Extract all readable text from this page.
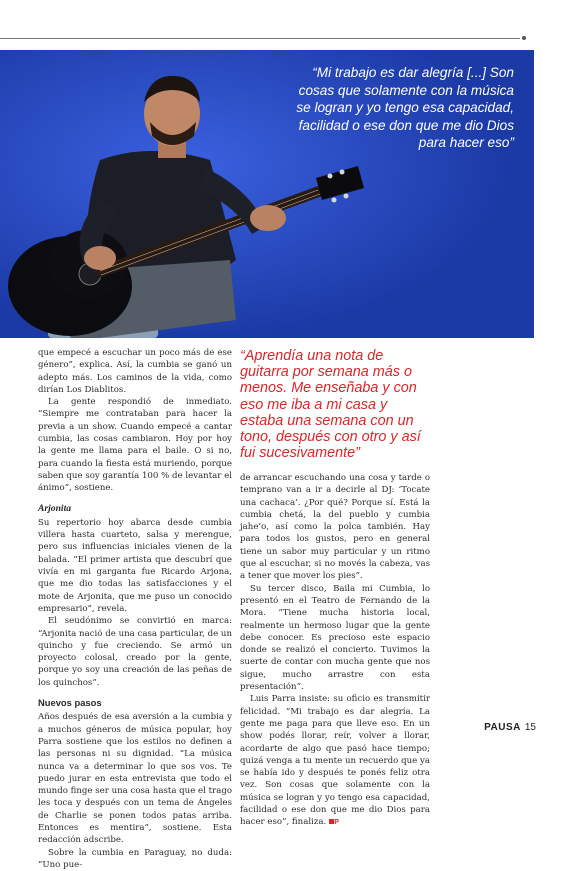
“Mi trabajo es dar alegría [...] Son cosas que solamente con la música se logran y yo tengo esa capacidad, facilidad o ese don que me dio Dios para hacer eso”

que empecé a escuchar un poco más de ese género”, explica. Así, la cumbia se ganó un adepto más. Los caminos de la vida, como dirían Los Diablitos.

La gente respondió de inmediato. “Siempre me contrataban para hacer la previa a un show. Cuando empecé a cantar cumbia, las cosas cambiaron. Hoy por hoy la gente me llama para el baile. O si no, para cuando la fiesta está muriendo, porque saben que soy garantía 100 % de levantar el ánimo”, sostiene.

Arjonita

Su repertorio hoy abarca desde cumbia villera hasta cuarteto, salsa y merengue, pero sus influencias iniciales vienen de la balada. “El primer artista que descubrí que vivía en mi garganta fue Ricardo Arjona, que me dio todas las satisfacciones y el mote de Arjonita, que me puso un conocido empresario”, revela.

El seudónimo se convirtió en marca: “Arjonita nació de una casa particular, de un quincho y fue creciendo. Se armó un proyecto colosal, creado por la gente, porque yo soy una creación de las peñas de los quinchos”.

Nuevos pasos

Años después de esa aversión a la cumbia y a muchos géneros de música popular, hoy Parra sostiene que los estilos no definen a las personas ni su dignidad. “La música nunca va a determinar lo que sos vos. Te puedo jurar en esta entrevista que todo el mundo finge ser una cosa hasta que el trago les toca y después con un tema de Ángeles de Charlie se ponen todos patas arriba. Entonces es mentira”, sostiene. Esta redacción adscribe.

Sobre la cumbia en Paraguay, no duda: “Uno pue-

“Aprendía una nota de guitarra por semana más o menos. Me enseñaba y con eso me iba a mi casa y estaba una semana con un tono, después con otro y así fui sucesivamente”

de arrancar escuchando una cosa y tarde o temprano van a ir a decirle al DJ: ‘Tocate una cachaca’. ¿Por qué? Porque sí. Está la cumbia chetá, la del pueblo y cumbia jahe’o, así como la polca también. Hay para todos los gustos, pero en general tiene un sabor muy particular y un ritmo que al escuchar, si no movés la cabeza, vas a tener que mover los pies”.

Su tercer disco, Baila mi Cumbia, lo presentó en el Teatro de Fernando de la Mora. “Tiene mucha historia local, realmente un hermoso lugar que la gente debe conocer. Es precioso este espacio donde se realizó el concierto. Tuvimos la suerte de contar con mucha gente que nos sigue, mucho arrastre con esta presentación”.

Luis Parra insiste: su oficio es transmitir felicidad. “Mi trabajo es dar alegría. La gente me paga para que lleve eso. En un show podés llorar, reír, volver a llorar, acordarte de algo que pasó hace tiempo; quizá venga a tu mente un recuerdo que ya se había ido y después te ponés feliz otra vez. Son cosas que solamente con la música se logran y yo tengo esa capacidad, facilidad o ese don que me dio Dios para hacer eso”, finaliza. P

PAUSA 15
